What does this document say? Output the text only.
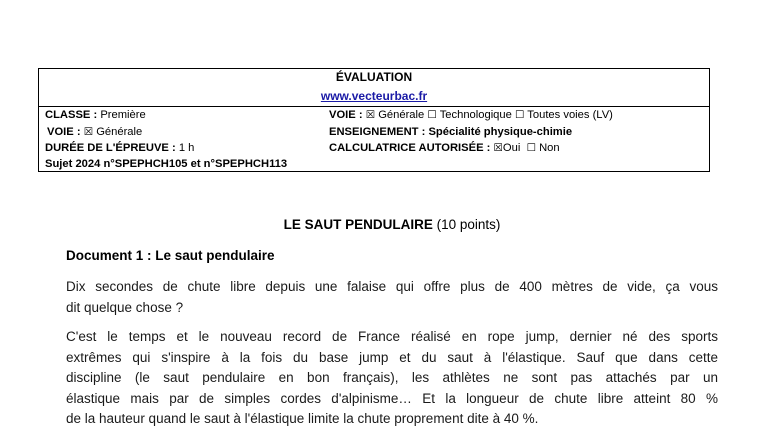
ÉVALUATION
www.vecteurbac.fr
CLASSE : Première
VOIE : ☒ Générale
DURÉE DE L'ÉPREUVE : 1 h
Sujet 2024 n°SPEPHCH105 et n°SPEPHCH113
VOIE : ☒ Générale ☐ Technologique ☐ Toutes voies (LV)
ENSEIGNEMENT : Spécialité physique-chimie
CALCULATRICE AUTORISÉE : ☒Oui ☐ Non
LE SAUT PENDULAIRE (10 points)
Document 1 : Le saut pendulaire
Dix secondes de chute libre depuis une falaise qui offre plus de 400 mètres de vide, ça vous
dit quelque chose ?
C'est le temps et le nouveau record de France réalisé en rope jump, dernier né des sports
extrêmes qui s'inspire à la fois du base jump et du saut à l'élastique. Sauf que dans cette
discipline (le saut pendulaire en bon français), les athlètes ne sont pas attachés par un
élastique mais par de simples cordes d'alpinisme… Et la longueur de chute libre atteint 80 %
de la hauteur quand le saut à l'élastique limite la chute proprement dite à 40 %.
